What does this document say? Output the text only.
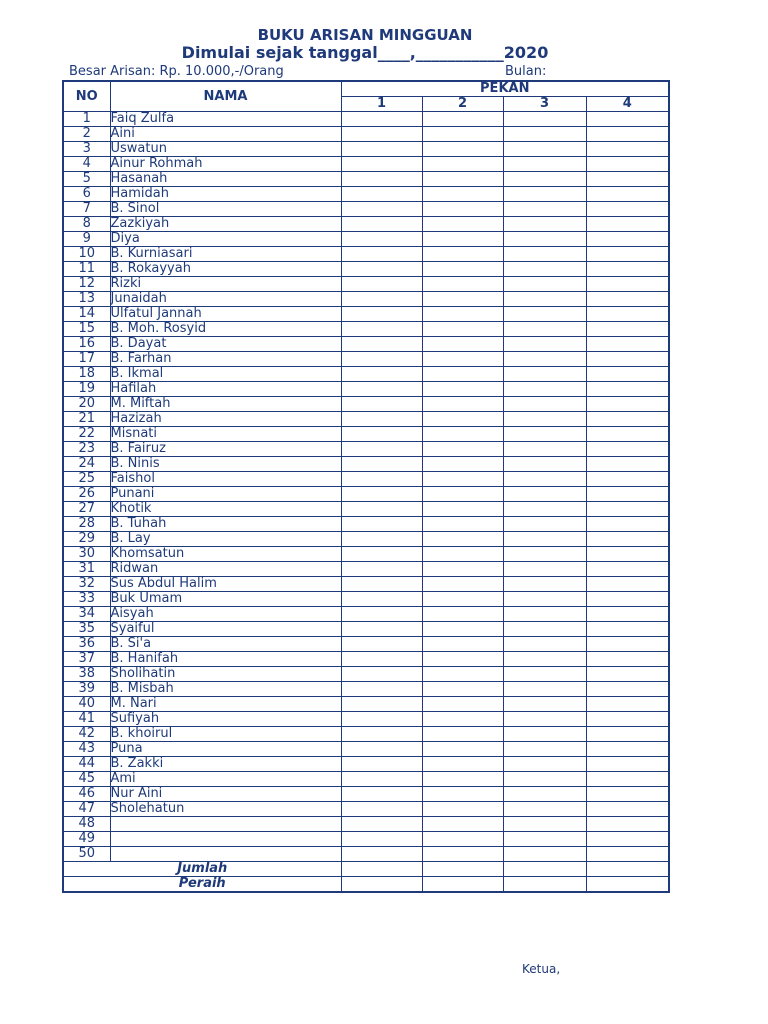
BUKU ARISAN MINGGUAN
Dimulai sejak tanggal____,___________2020
Besar Arisan: Rp. 10.000,-/Orang	Bulan:
NO	NAMA	PEKAN			
		1	2	3	4
1	Faiq Zulfa				
2	Aini				
3	Uswatun				
4	Ainur Rohmah				
5	Hasanah				
6	Hamidah				
7	B. Sinol				
8	Zazkiyah				
9	Diya				
10	B. Kurniasari				
11	B. Rokayyah				
12	Rizki				
13	Junaidah				
14	Ulfatul Jannah				
15	B. Moh. Rosyid				
16	B. Dayat				
17	B. Farhan				
18	B. Ikmal				
19	Hafilah				
20	M. Miftah				
21	Hazizah				
22	Misnati				
23	B. Fairuz				
24	B. Ninis				
25	Faishol				
26	Punani				
27	Khotik				
28	B. Tuhah				
29	B. Lay				
30	Khomsatun				
31	Ridwan				
32	Sus Abdul Halim				
33	Buk Umam				
34	Aisyah				
35	Syaiful				
36	B. Si'a				
37	B. Hanifah				
38	Sholihatin				
39	B. Misbah				
40	M. Nari				
41	Sufiyah				
42	B. khoirul				
43	Puna				
44	B. Zakki				
45	Ami				
46	Nur Aini				
47	Sholehatun				
48					
49					
50					
Jumlah					
Peraih					
Ketua,
